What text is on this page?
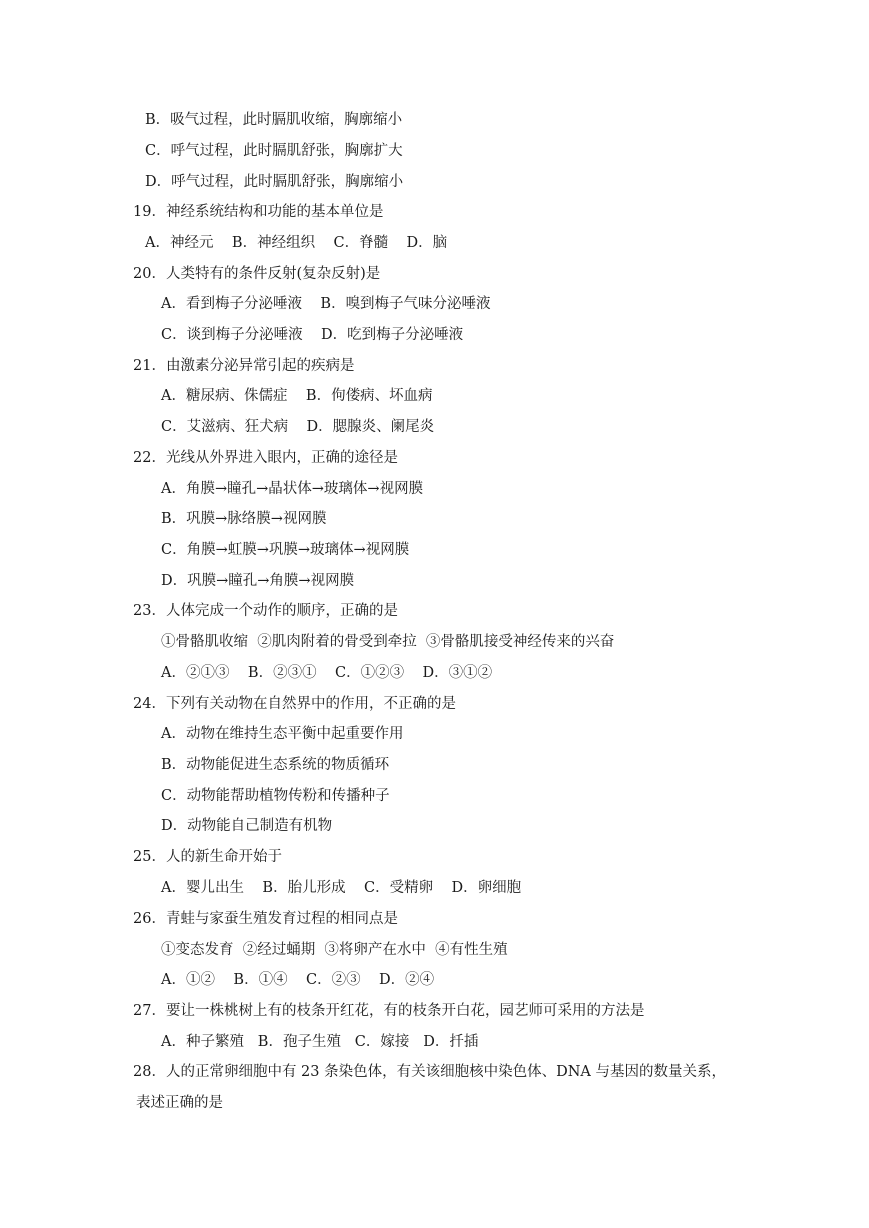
B．吸气过程，此时膈肌收缩，胸廓缩小
C．呼气过程，此时膈肌舒张，胸廓扩大
D．呼气过程，此时膈肌舒张，胸廓缩小
19．神经系统结构和功能的基本单位是
A．神经元    B．神经组织    C．脊髓    D．脑
20．人类特有的条件反射(复杂反射)是
A．看到梅子分泌唾液    B．嗅到梅子气味分泌唾液
C．谈到梅子分泌唾液    D．吃到梅子分泌唾液
21．由激素分泌异常引起的疾病是
A．糖尿病、侏儒症    B．佝偻病、坏血病
C．艾滋病、狂犬病    D．腮腺炎、阑尾炎
22．光线从外界进入眼内，正确的途径是
A．角膜→瞳孔→晶状体→玻璃体→视网膜
B．巩膜→脉络膜→视网膜
C．角膜→虹膜→巩膜→玻璃体→视网膜
D．巩膜→瞳孔→角膜→视网膜
23．人体完成一个动作的顺序，正确的是
①骨骼肌收缩  ②肌肉附着的骨受到牵拉  ③骨骼肌接受神经传来的兴奋
A．②①③    B．②③①    C．①②③    D．③①②
24．下列有关动物在自然界中的作用，不正确的是
A．动物在维持生态平衡中起重要作用
B．动物能促进生态系统的物质循环
C．动物能帮助植物传粉和传播种子
D．动物能自己制造有机物
25．人的新生命开始于
A．婴儿出生    B．胎儿形成    C．受精卵    D．卵细胞
26．青蛙与家蚕生殖发育过程的相同点是
①变态发育  ②经过蛹期  ③将卵产在水中  ④有性生殖
A．①②    B．①④    C．②③    D．②④
27．要让一株桃树上有的枝条开红花，有的枝条开白花，园艺师可采用的方法是
A．种子繁殖   B．孢子生殖   C．嫁接   D．扦插
28．人的正常卵细胞中有 23 条染色体，有关该细胞核中染色体、DNA 与基因的数量关系，
表述正确的是
